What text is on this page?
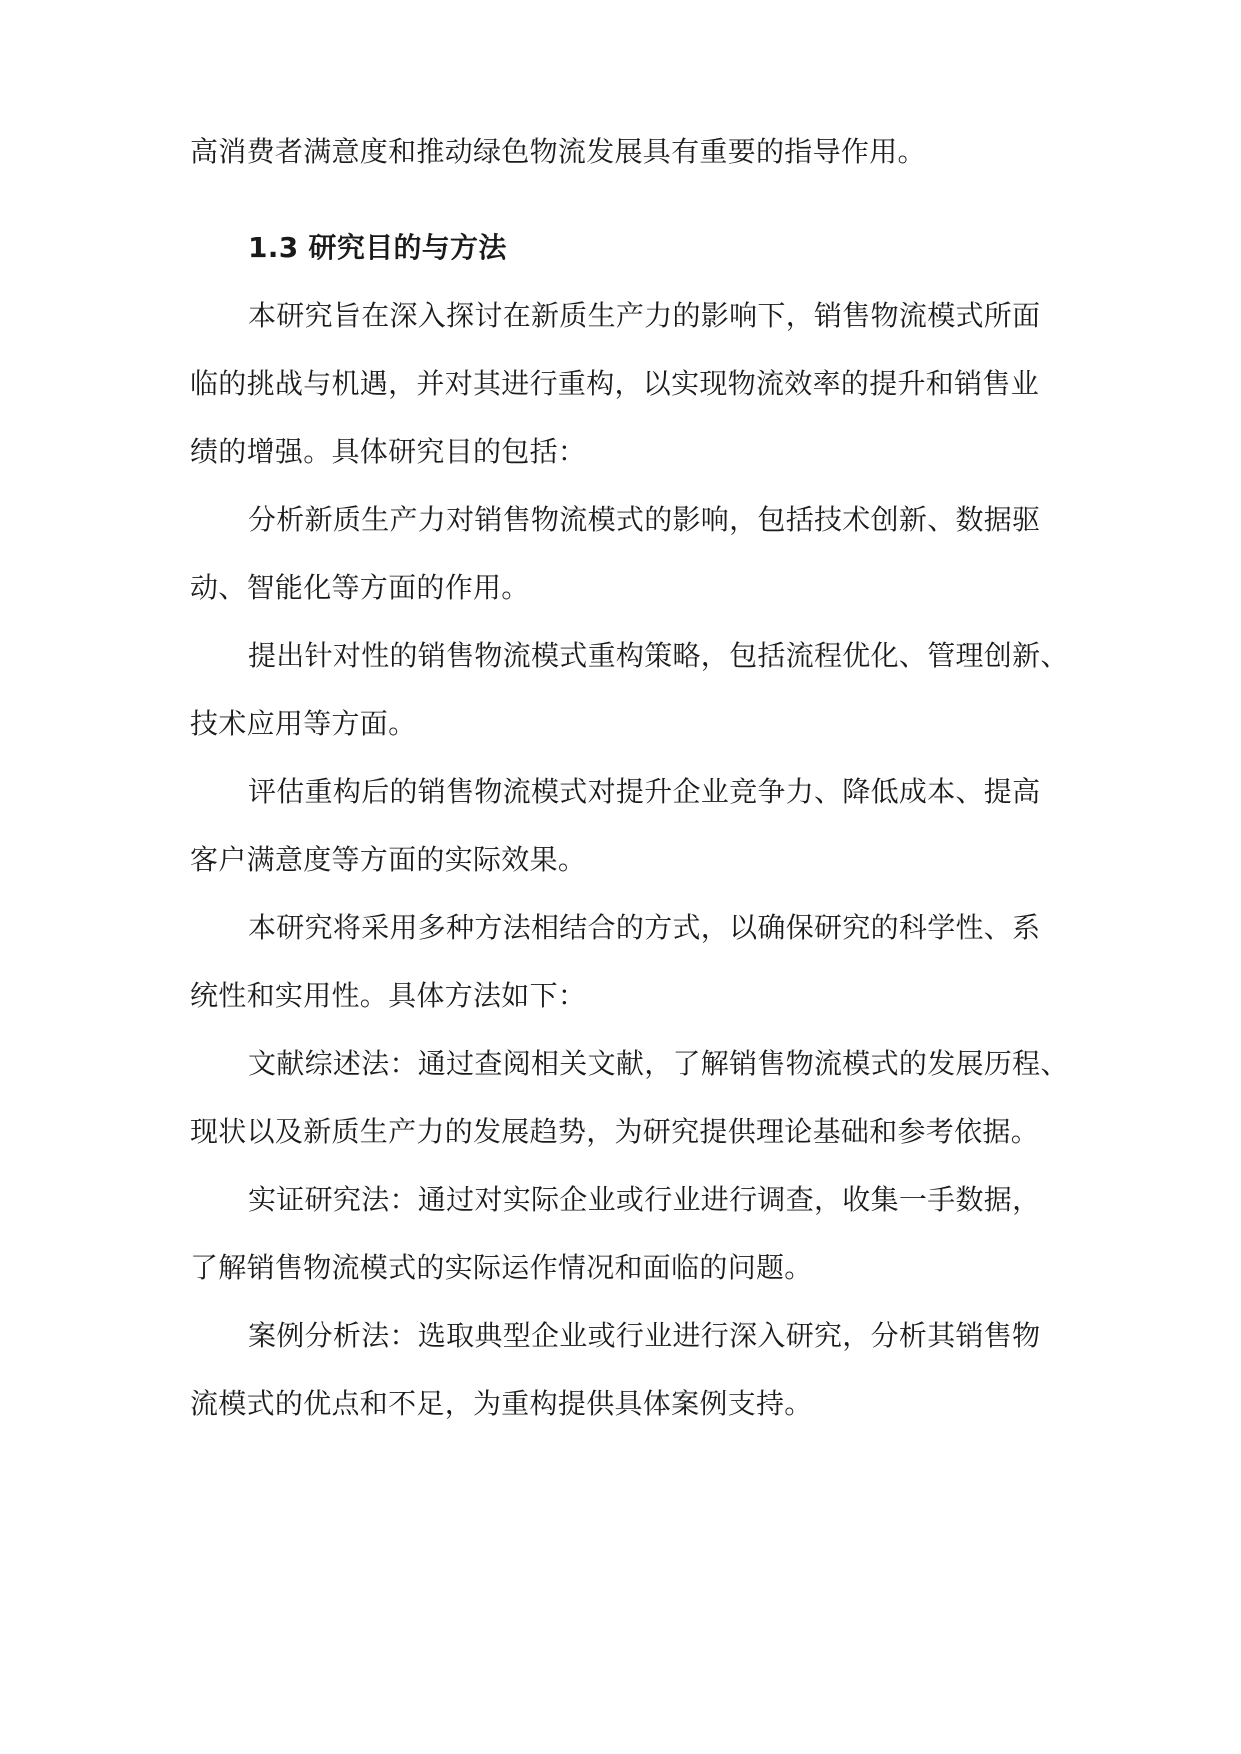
高消费者满意度和推动绿色物流发展具有重要的指导作用。
1.3 研究目的与方法
本研究旨在深入探讨在新质生产力的影响下，销售物流模式所面
临的挑战与机遇，并对其进行重构，以实现物流效率的提升和销售业
绩的增强。具体研究目的包括：
分析新质生产力对销售物流模式的影响，包括技术创新、数据驱
动、智能化等方面的作用。
提出针对性的销售物流模式重构策略，包括流程优化、管理创新、
技术应用等方面。
评估重构后的销售物流模式对提升企业竞争力、降低成本、提高
客户满意度等方面的实际效果。
本研究将采用多种方法相结合的方式，以确保研究的科学性、系
统性和实用性。具体方法如下：
文献综述法：通过查阅相关文献，了解销售物流模式的发展历程、
现状以及新质生产力的发展趋势，为研究提供理论基础和参考依据。
实证研究法：通过对实际企业或行业进行调查，收集一手数据，
了解销售物流模式的实际运作情况和面临的问题。
案例分析法：选取典型企业或行业进行深入研究，分析其销售物
流模式的优点和不足，为重构提供具体案例支持。
